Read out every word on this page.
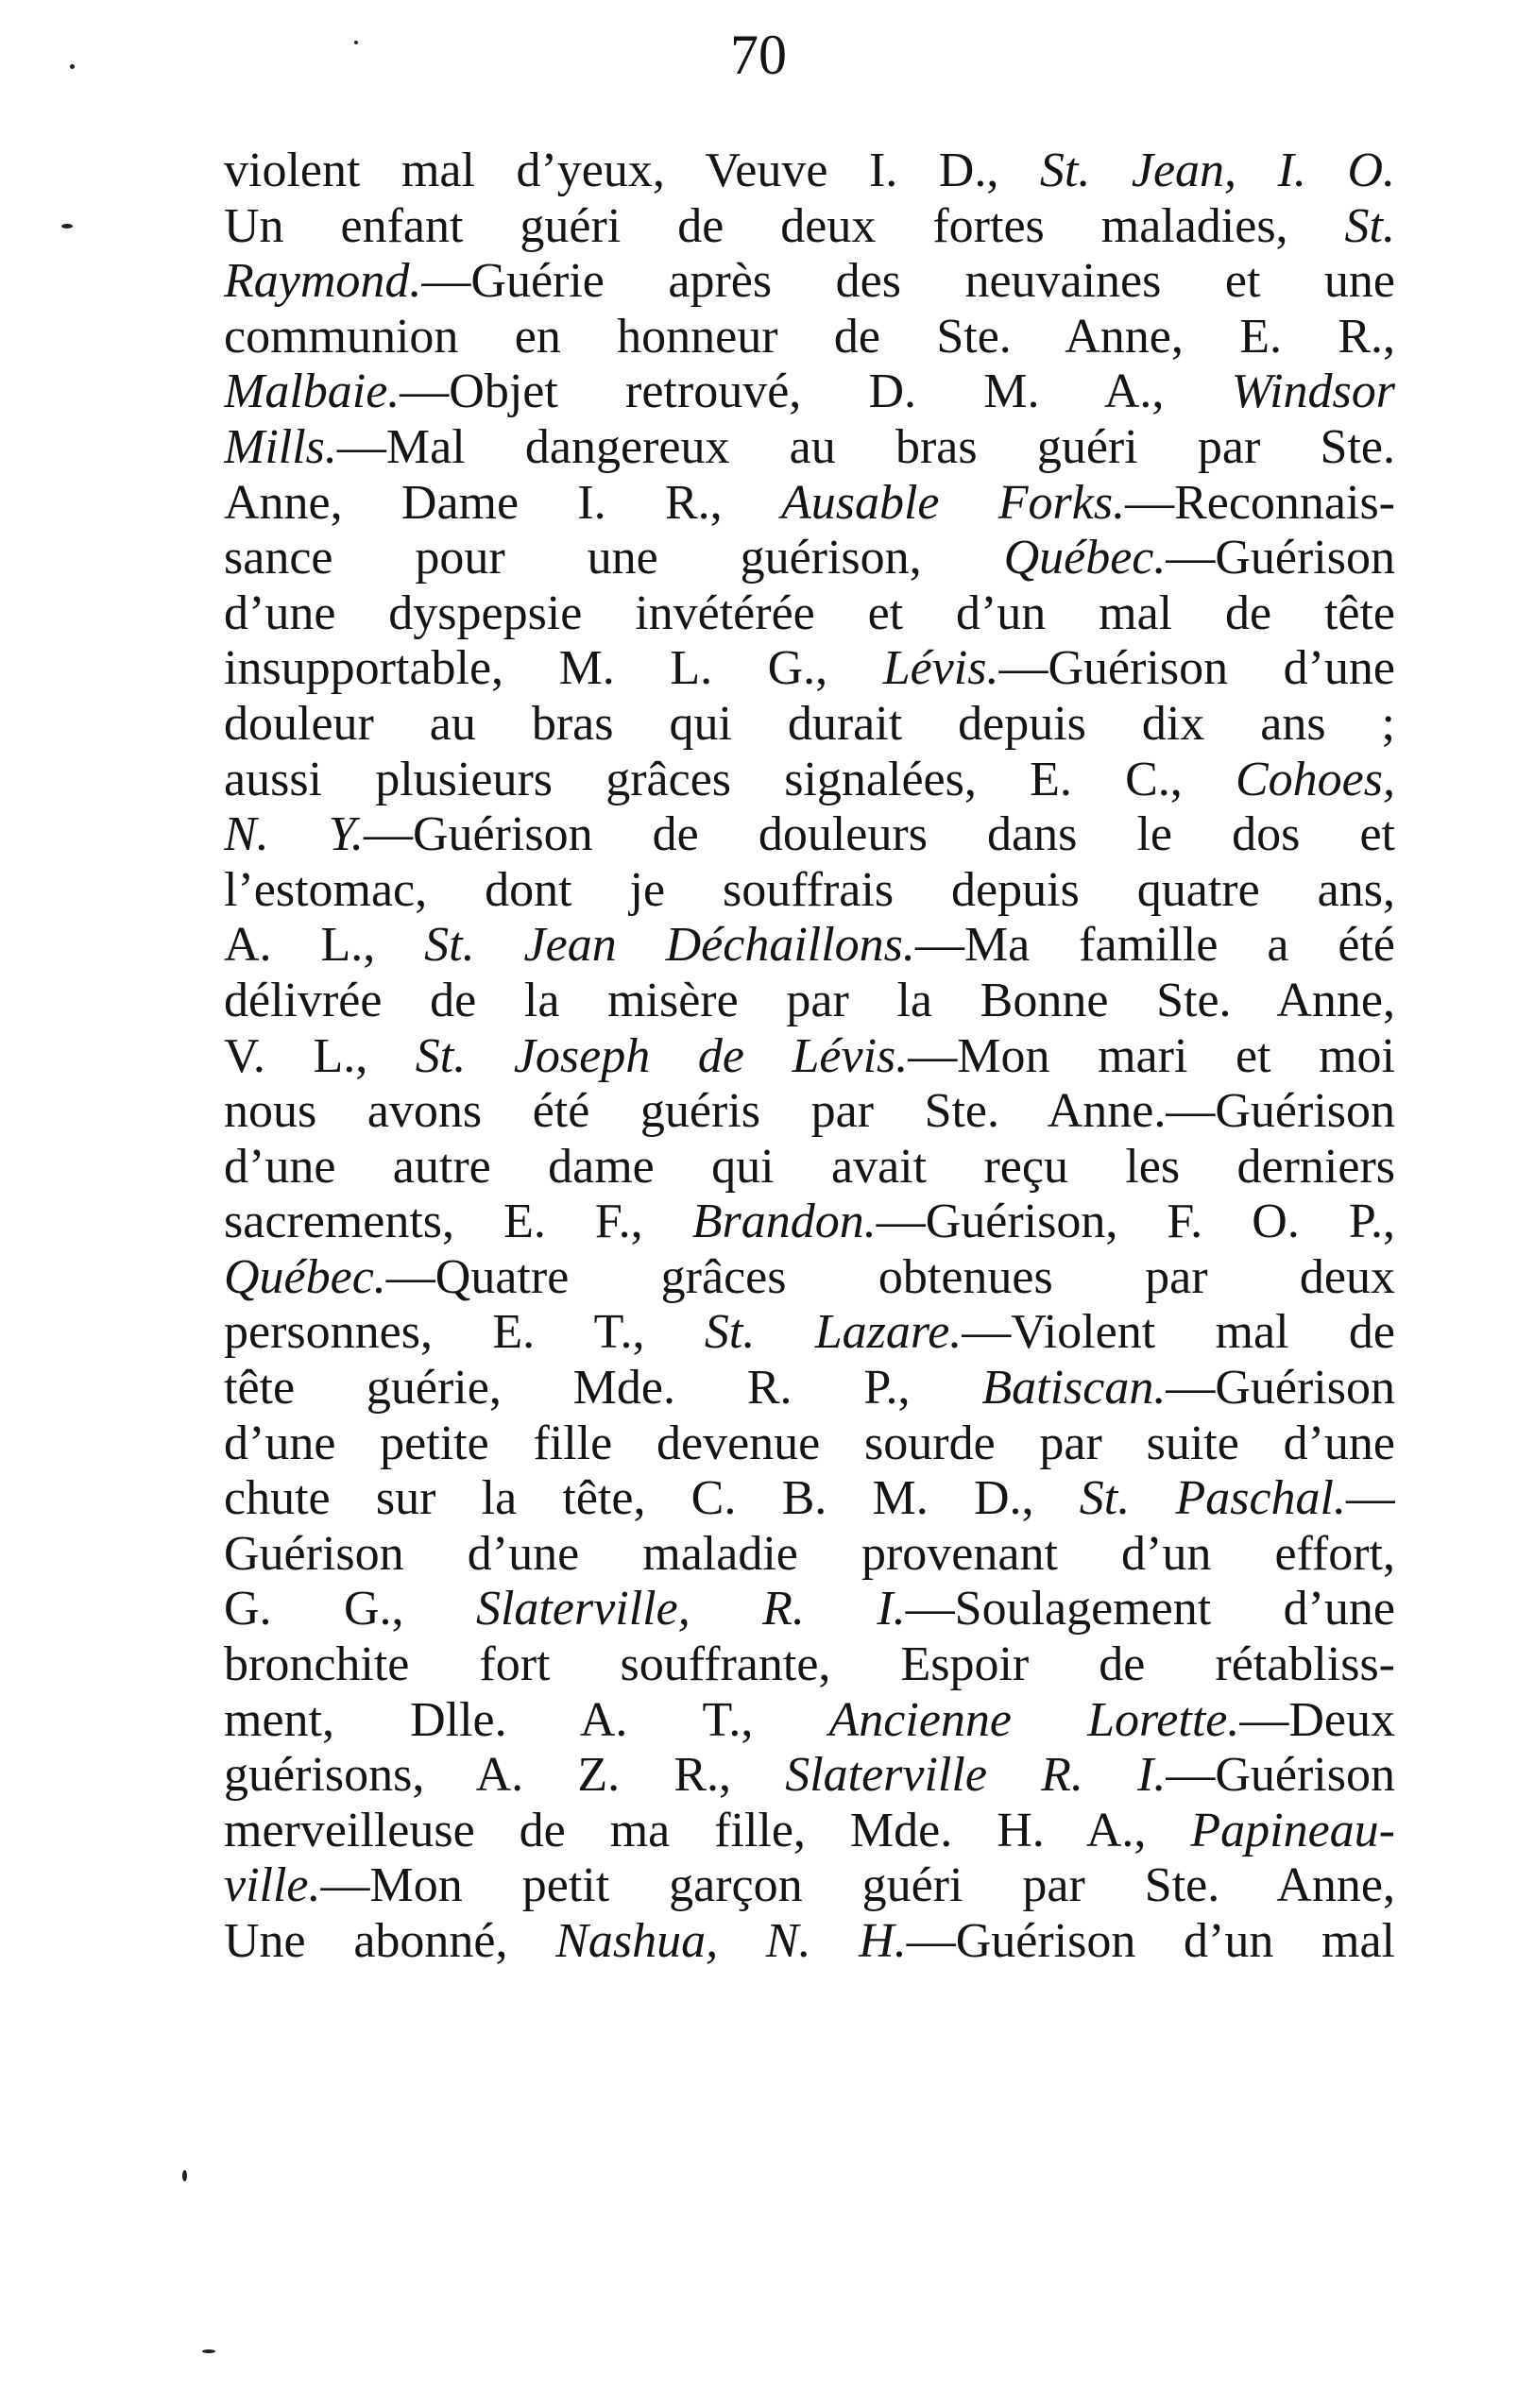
70
violent mal d’yeux, Veuve I. D., St. Jean, I. O.
Un enfant guéri de deux fortes maladies, St.
Raymond.—Guérie après des neuvaines et une
communion en honneur de Ste. Anne, E. R.,
Malbaie.—Objet retrouvé, D. M. A., Windsor
Mills.—Mal dangereux au bras guéri par Ste.
Anne, Dame I. R., Ausable Forks.—Reconnais-
sance pour une guérison, Québec.—Guérison
d’une dyspepsie invétérée et d’un mal de tête
insupportable, M. L. G., Lévis.—Guérison d’une
douleur au bras qui durait depuis dix ans ;
aussi plusieurs grâces signalées, E. C., Cohoes,
N. Y.—Guérison de douleurs dans le dos et
l’estomac, dont je souffrais depuis quatre ans,
A. L., St. Jean Déchaillons.—Ma famille a été
délivrée de la misère par la Bonne Ste. Anne,
V. L., St. Joseph de Lévis.—Mon mari et moi
nous avons été guéris par Ste. Anne.—Guérison
d’une autre dame qui avait reçu les derniers
sacrements, E. F., Brandon.—Guérison, F. O. P.,
Québec.—Quatre grâces obtenues par deux
personnes, E. T., St. Lazare.—Violent mal de
tête guérie, Mde. R. P., Batiscan.—Guérison
d’une petite fille devenue sourde par suite d’une
chute sur la tête, C. B. M. D., St. Paschal.—
Guérison d’une maladie provenant d’un effort,
G. G., Slaterville, R. I.—Soulagement d’une
bronchite fort souffrante, Espoir de rétabliss-
ment, Dlle. A. T., Ancienne Lorette.—Deux
guérisons, A. Z. R., Slaterville R. I.—Guérison
merveilleuse de ma fille, Mde. H. A., Papineau-
ville.—Mon petit garçon guéri par Ste. Anne,
Une abonné, Nashua, N. H.—Guérison d’un mal
